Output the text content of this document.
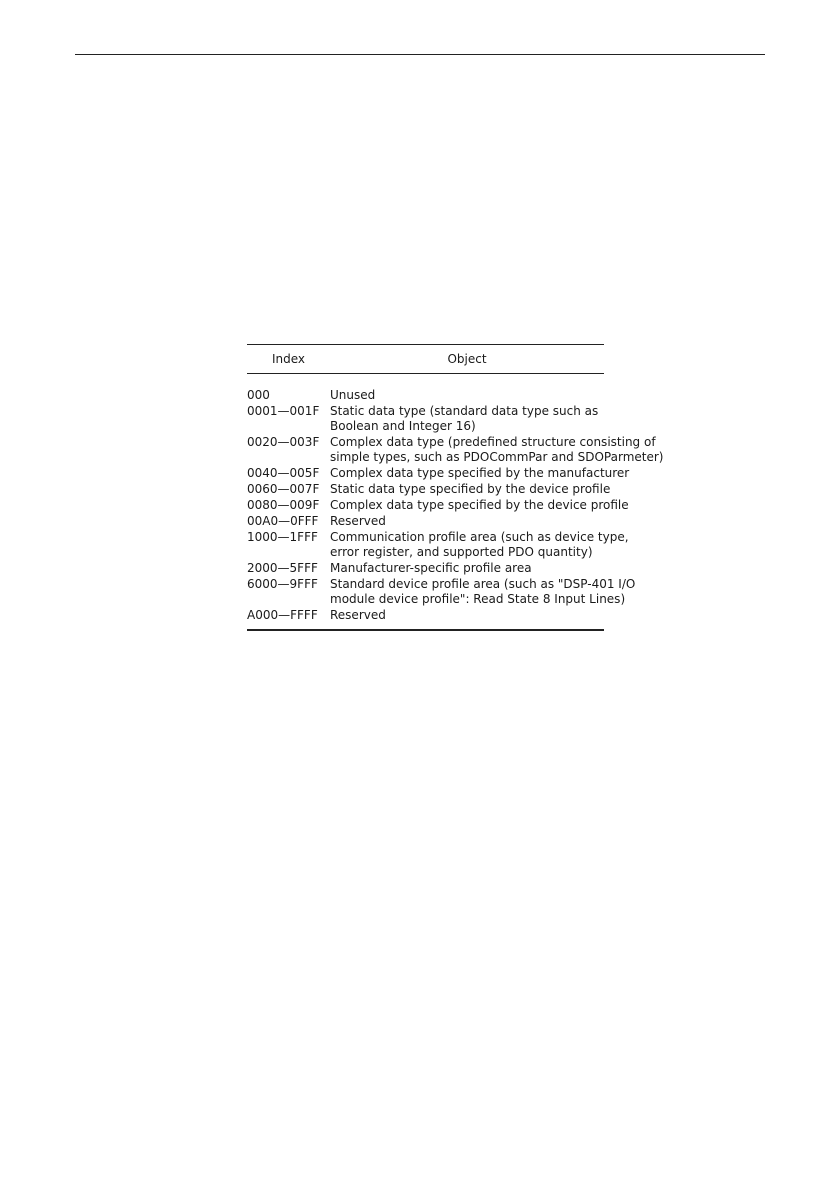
Index	Object
000	Unused
0001—001F Static data type (standard data type such as
Boolean and Integer 16)
0020—003F Complex data type (predefined structure consisting of
simple types, such as PDOCommPar and SDOParmeter)
0040—005F Complex data type specified by the manufacturer
0060—007F Static data type specified by the device profile
0080—009F Complex data type specified by the device profile
00A0—0FFF Reserved
1000—1FFF	Communication profile area (such as device type,
error register, and supported PDO quantity)
2000—5FFF	Manufacturer-specific profile area
6000—9FFF	Standard device profile area (such as "DSP-401 I/O
module device profile": Read State 8 Input Lines)
A000—FFFF	Reserved
